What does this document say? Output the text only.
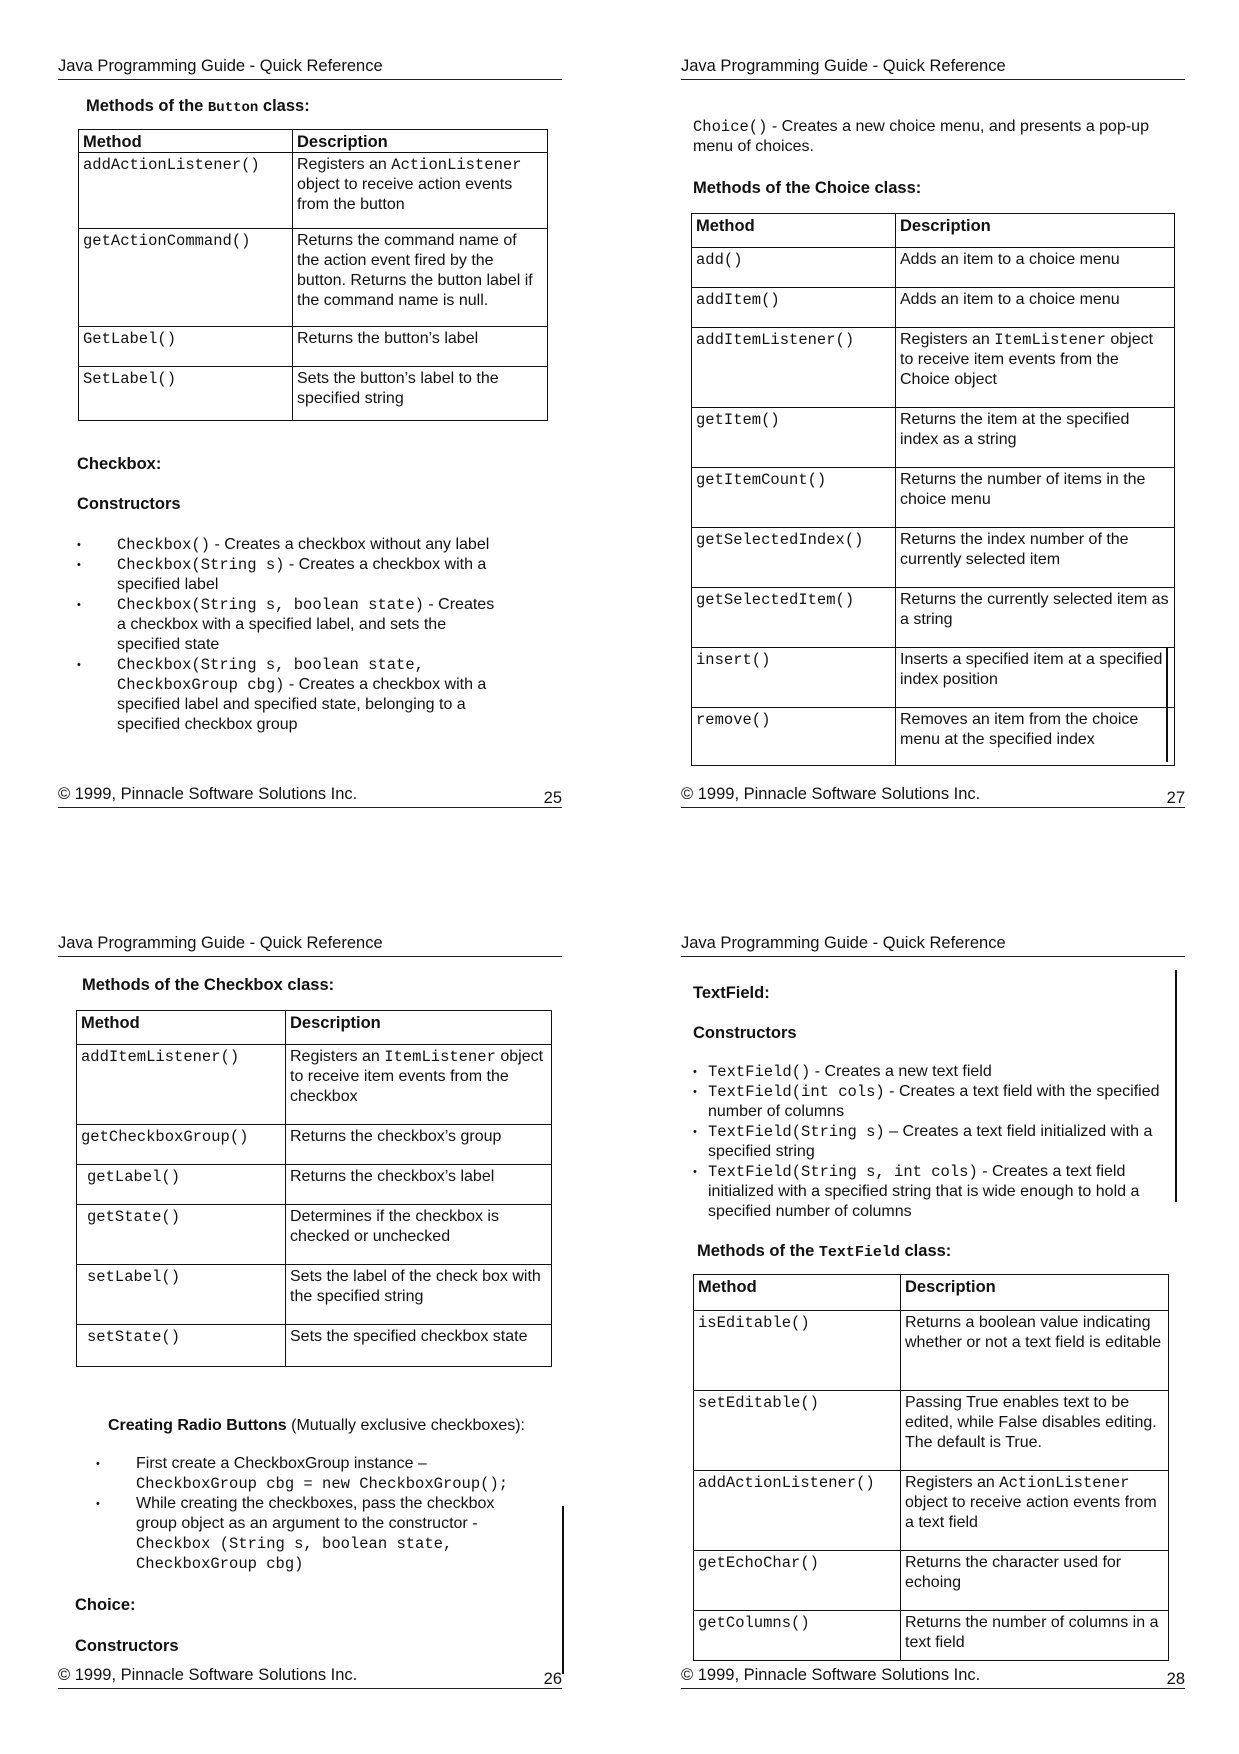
Java Programming Guide - Quick Reference
Methods of the Button class:
Method	Description
addActionListener()	Registers an ActionListener object to receive action events from the button
getActionCommand()	Returns the command name of the action event fired by the button. Returns the button label if the command name is null.
GetLabel()	Returns the button’s label
SetLabel()	Sets the button’s label to the specified string
Checkbox:
Constructors
• Checkbox() - Creates a checkbox without any label
• Checkbox(String s) - Creates a checkbox with a specified label
• Checkbox(String s, boolean state) - Creates a checkbox with a specified label, and sets the specified state
• Checkbox(String s, boolean state, CheckboxGroup cbg) - Creates a checkbox with a specified label and specified state, belonging to a specified checkbox group
© 1999, Pinnacle Software Solutions Inc.	25
Java Programming Guide - Quick Reference
Choice() - Creates a new choice menu, and presents a pop-up menu of choices.
Methods of the Choice class:
Method	Description
add()	Adds an item to a choice menu
addItem()	Adds an item to a choice menu
addItemListener()	Registers an ItemListener object to receive item events from the Choice object
getItem()	Returns the item at the specified index as a string
getItemCount()	Returns the number of items in the choice menu
getSelectedIndex()	Returns the index number of the currently selected item
getSelectedItem()	Returns the currently selected item as a string
insert()	Inserts a specified item at a specified index position
remove()	Removes an item from the choice menu at the specified index
© 1999, Pinnacle Software Solutions Inc.	27
Java Programming Guide - Quick Reference
Methods of the Checkbox class:
Method	Description
addItemListener()	Registers an ItemListener object to receive item events from the checkbox
getCheckboxGroup()	Returns the checkbox’s group
getLabel()	Returns the checkbox’s label
getState()	Determines if the checkbox is checked or unchecked
setLabel()	Sets the label of the check box with the specified string
setState()	Sets the specified checkbox state
Creating Radio Buttons (Mutually exclusive checkboxes):
• First create a CheckboxGroup instance –
CheckboxGroup cbg = new CheckboxGroup();
• While creating the checkboxes, pass the checkbox group object as an argument to the constructor - Checkbox (String s, boolean state, CheckboxGroup cbg)
Choice:
Constructors
© 1999, Pinnacle Software Solutions Inc.	26
Java Programming Guide - Quick Reference
TextField:
Constructors
• TextField() - Creates a new text field
• TextField(int cols) - Creates a text field with the specified number of columns
• TextField(String s) – Creates a text field initialized with a specified string
• TextField(String s, int cols) - Creates a text field initialized with a specified string that is wide enough to hold a specified number of columns
Methods of the TextField class:
Method	Description
isEditable()	Returns a boolean value indicating whether or not a text field is editable
setEditable()	Passing True enables text to be edited, while False disables editing. The default is True.
addActionListener()	Registers an ActionListener object to receive action events from a text field
getEchoChar()	Returns the character used for echoing
getColumns()	Returns the number of columns in a text field
© 1999, Pinnacle Software Solutions Inc.	28
